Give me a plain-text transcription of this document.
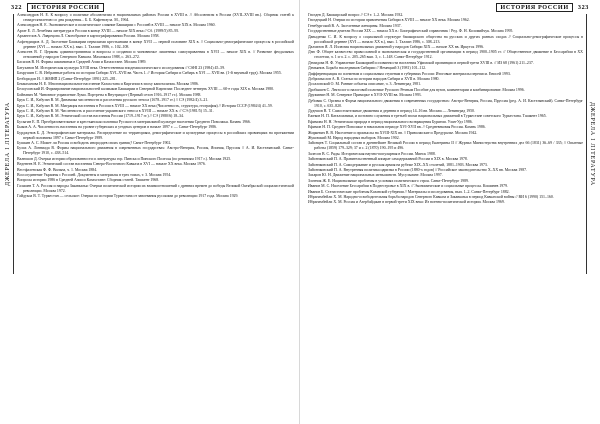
322 ИСТОРИЯ РОССИИ
ДЖЕРЕЛА І ЛІТЕРАТУРА
Александров Н. Е. К вопросу о политике абсолютизма в национальных районах России в XVIII в. // Абсолютизм в России (XVII–XVIII вв.). Сборник статей к семидесятилетию со дня рождения... Б. Б. Кафенгауза. М., 1964.
Александров Н. Е. Экономическое и политическое слияние Башкирии с Россией в XVIII — начале XIX в. Москва 1960.
Аргат Е. Л. Лечебная литература в России в конце XVIII — начале XIX века // Сб. (1989/5) 85–95.
Архангелов А. Лаврецова Л. Своеобразие в картографировании России. Москва 1958.
Асфендиаров А. Д. Заселение Башкирии пермскими крестьянами в конце XVII — первой половине XIX в. // Социально-демографические процессы в российской деревне (XVI — начало XX в.). вып. 1. Таллин 1986, с. 102–108.
Алексеев В. Г. Церковь административная и вопросы о создании и чиновничье лишенных самоуправления в XVII — начале XIX в. // Развитие феодальных отношений у народов Северного Кавказа. Махачкала 1988, с. 263–272.
Басилов В. Н. Формы шаманизма в Средней Азии и Казахстане. Москва 1989.
Батуханов М. Историческая культура XVIII века. Ответственная эпидемиологического исследования // CSHI 23 (1984) 45–59.
Бахрушин С. В. Избранные работы по истории Сибири XVI–XVII вв. Часть 1. // История Сибири и Сибирь в XVI — XVII вв. (1-й научный труд). Москва 1955.
Безбородов И. // ЖМНП 2 (Санкт-Петербург 1891) 225–281.
Бекмаханова Н. Е. Многонациональное население Казахстана и Киргизии в эпоху капитализма. Москва 1986.
Белоусовский И. Формирование национальностей калмыков Башкирии в Северной Киргизии: Последнее четверть XVIII — 60-е годы XIX в. Москва 1980.
Бойнавич М. Чиновное управление Луми. Портреты в Внутрицаст (Первый сезон 1916–1917 гг.). Москва 1988.
Брук С. И., Кабузан В. М. Динамика численности и расселения русского этноса (1678–1917 гг.) // СЭ (1982/4) 3–21.
Брук С. И., Кабузан В. М. Миграция населения в России в XVIII — начале XX века (Численность, структура, география) // История СССР (1984/4) 41–59.
Брук С. И., Кабузан В. М. Численность и расселение украинского этноса в XVIII — начале XX в. // СЭ (1981/5) 15–31.
Брук С. И., Кабузан В. М. Этнический состав населения России (1719–1917 гг.) // СЭ (1980/6) 18–34.
Бусыгин Е. П. Преобразовательные и крестьянская политика Русского в материальной культуре населения Среднего Поволжья. Казань 1966.
Быков А. А. Численность населения на уровне губернских и уездных центров в начале 1897 г. — Санкт-Петербург 1986.
Бурджунов Б. Д. Этнографические материалы. Распределение по территориям, демографические и культурные процессы в российских провинциях на протяжении первой половины 1897 г. Санкт-Петербург 1989.
Бушкин А. С. Может ли Россия освободить инородцев своих границ? Санкт-Петербург 1902.
Булах А. Литвиада В. Формы национального движения в современных государствах: Австро-Венгрия, Россия, Япония, Пруссия // А. И. Кастелянский. Санкт-Петербург 1910, с. 438–514.
Валюшов Д. Очерки истории образованности и литературы гор. Пинска и Пинского Полесья (по ревизиям 1917 г.). Москва 1925.
Веденеев Н. Е. Этнический состав населения Северо-Восточного Кавказа в XVI — начале XX века. Москва 1976.
Вестфаленская Ф. Ф. Вильна, ч. 1. Москва 1884.
Воссоединение Украины с Россией. Документы и материалы в трех томах, т. 3. Москва 1954.
Вопросы истории 1986 в Средней Азии и Казахстане: Сборник статей. Ташкент 1968.
Галяшев Т. А. Россия и народы Закавказья: Очерки политической истории их взаимоотношений с древних времен до победы Великой Октябрьской социалистической революции. Москва 1972.
Гайдукоа В. Т. Туркестан — сельское: Очерки по истории Туркестана от завоевания русскими до революции 1917 года. Москва 1929.
ИСТОРИЯ РОССИИ 323
ДЖЕРЕЛА І ЛІТЕРАТУРА
Гвоздев Д. Башкирский вопрос // СЭ т. 1–2. Москва 1932.
Гвоздецкий Н. Очерки по истории привлечения Сибири в XVIII — начале XX века. Москва 1962.
Генебургский В. А. Заселенные женщины. Москва 1937.
Государственные деятели России XIX — начала XX в.: Биографический справочник / Ред. Ф. Н. Коломийчук. Москва 1995.
Давыденко С. И. К вопросу о социальной структуре башкирского общества на русских и других разных сходах // Социально-демографические процессы в российской деревне (XVI — начало XX в.), вып. 1. Таллин 1986, с. 308–213.
Далматов Я. Л. Иллюзия национальных движений у народов Сибири XIX — начале XX вв. Иркутск 1996.
Дзю Ф. Общее казачество православной и экономическая и государственной организации в период 1900–1905 гг. // Общественное движение в Бессарабии в XX столетии, ч. 1 и ч. 2. с. 205–265 вып. 3, с. 1–148. Санкт-Петербург 1912.
Демидова Н. Ф. Управление Башкирией и повинности населения Уфимской провинции в первой трети XVIII в. // ИЗ 68 (1961) 211–237.
Демьянов. Борьба наследников Сибирии // Немецкий 3 (1981) 101–112.
Дифференциация по племенам и социальным ступеням в губерниях России: Итоговые материалы переписи. Енисей 1993.
Добромыслов А. В. Статьи по истории народов Сибири и XVII в. Москва 1980.
Досаловский О. М. Ранние событья описание, ч. 3. Ленинград 1981.
Дробышев С. Лектолог и налоговой политике Русского Речным Пособие для вузов, комментарии и комбинирование. Москва 1996.
Дружинин Н. М. Северное Приморье в XVII-XVIII вв. Москва 1993.
Дубовик С. Органы в Форма национального движения в современных государствах: Австро-Венгрия, Россия, Пруссия (ред. А. И. Кастелянский). Санкт-Петербург 1910, с. 635–820.
Дудешов В. Т. Самостоятельные движения и деревни в период 14–16 вв. Москва — Ленинград 1950.
Ежеков Н. П. Каталожники, и поэтапно служения в третьей эпохи национальных движений в Туркестане советского Туркестана. Ташкент 1965.
Ефимова Н. Н. Этническая природа в период национального возвращения Бурятии. Улан-Удэ 1986.
Ефимов Н. П. Среднее Поволжье в начальном периоде XVI-XVII вв. // Средневековая Россия. Казань 1986.
Жиркевич В. В. Население и промыслы на XVIII-XIX вв. // Приволжские и Предуралье. Москва 1942.
Жуковский М. Народ народных выборов. Москва 1902.
Зайонцев Т. Социальный состав в древнейшее Великой России в период Екатерины II // Журнал Министерства внутренних дел 66 (1831) 36–69 / 335; // Опытные работы (1859) 179–329; 37 и с. 2 (1870) 190–195 и 496.
Залесов В. С. Ряды. Историческая научно-популярная в России. Минск 1988.
Зайончковский П. А. Правительственный аппарат самодержавной России в XIX в. Москва 1978.
Зайончковский П. А. Самодержавие и русская армия на рубеже XIX–XX столетий, 1881–1903. Москва 1973.
Зайончковский П. А. Внутренняя политика царизма в России (1880-х годов) // Российское законодательство X–XX вв. Москва 1987.
Захаров Ю. Н. Движение национальных меньшинств. Мусульмане. Москва 1997.
Злотник Ж. Е. Национальные проблемы в условиях политического строя. Санкт-Петербург 1989.
Иванов М. С. Население Бессарабии в Поднестровье в XIX в. // Экономические и социальные процессы. Кишинев 1979.
Иванов Б. Статистические проблемы Казанской губернии // Материалы и исследования, вып. 1–2. Санкт-Петербург 1882.
Ибрагимбейли Х. М. Народно-освободительная борьба народов Северного Кавказа и Закавказья в период Кавказской войны // ВИ 6 (1990) 151–160.
Ибрагимбейли Х. М. Россия и Азербайджан в первой трети XIX века: Из военно-политической истории. Москва 1969.
